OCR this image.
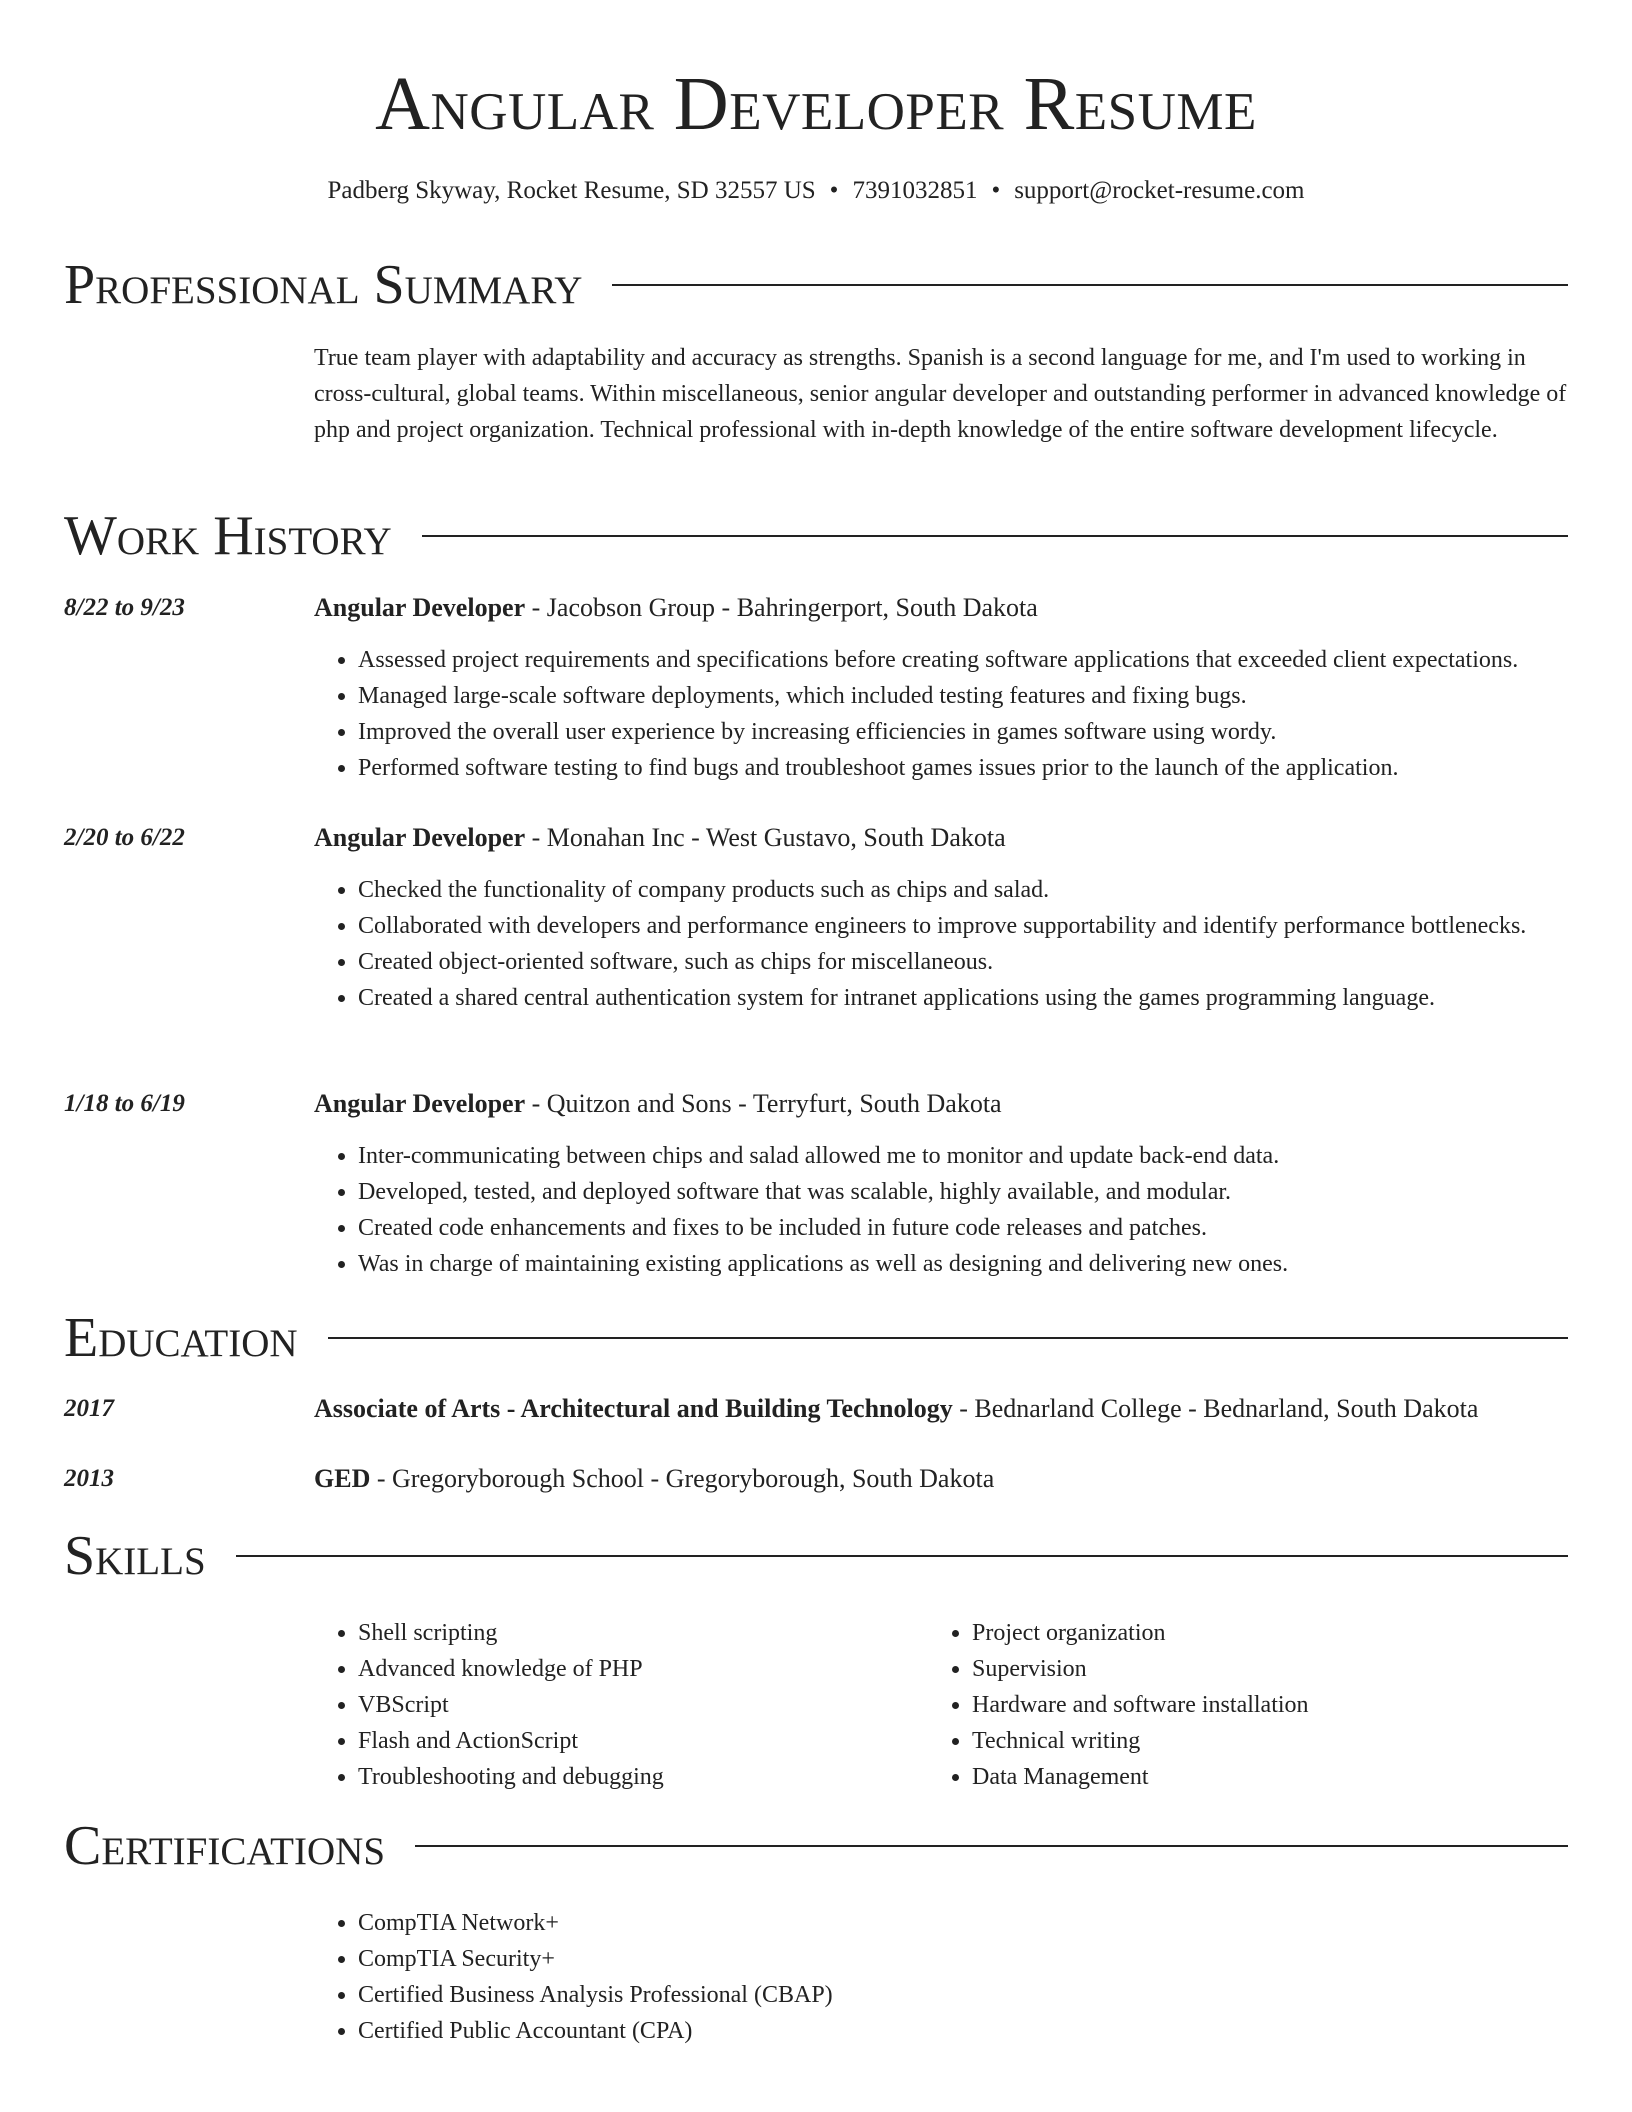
Angular Developer Resume
Padberg Skyway, Rocket Resume, SD 32557 US • 7391032851 • support@rocket-resume.com
Professional Summary

True team player with adaptability and accuracy as strengths. Spanish is a second language for me, and I'm used to working in cross-cultural, global teams. Within miscellaneous, senior angular developer and outstanding performer in advanced knowledge of php and project organization. Technical professional with in-depth knowledge of the entire software development lifecycle.

Work History
8/22 to 9/23	Angular Developer - Jacobson Group - Bahringerport, South Dakota
• Assessed project requirements and specifications before creating software applications that exceeded client expectations.
• Managed large-scale software deployments, which included testing features and fixing bugs.
• Improved the overall user experience by increasing efficiencies in games software using wordy.
• Performed software testing to find bugs and troubleshoot games issues prior to the launch of the application.
2/20 to 6/22	Angular Developer - Monahan Inc - West Gustavo, South Dakota
• Checked the functionality of company products such as chips and salad.
• Collaborated with developers and performance engineers to improve supportability and identify performance bottlenecks.
• Created object-oriented software, such as chips for miscellaneous.
• Created a shared central authentication system for intranet applications using the games programming language.
1/18 to 6/19	Angular Developer - Quitzon and Sons - Terryfurt, South Dakota
• Inter-communicating between chips and salad allowed me to monitor and update back-end data.
• Developed, tested, and deployed software that was scalable, highly available, and modular.
• Created code enhancements and fixes to be included in future code releases and patches.
• Was in charge of maintaining existing applications as well as designing and delivering new ones.
Education
2017	Associate of Arts - Architectural and Building Technology - Bednarland College - Bednarland, South Dakota
2013	GED - Gregoryborough School - Gregoryborough, South Dakota
Skills
• Shell scripting
• Advanced knowledge of PHP
• VBScript
• Flash and ActionScript
• Troubleshooting and debugging
• Project organization
• Supervision
• Hardware and software installation
• Technical writing
• Data Management
Certifications
• CompTIA Network+
• CompTIA Security+
• Certified Business Analysis Professional (CBAP)
• Certified Public Accountant (CPA)
